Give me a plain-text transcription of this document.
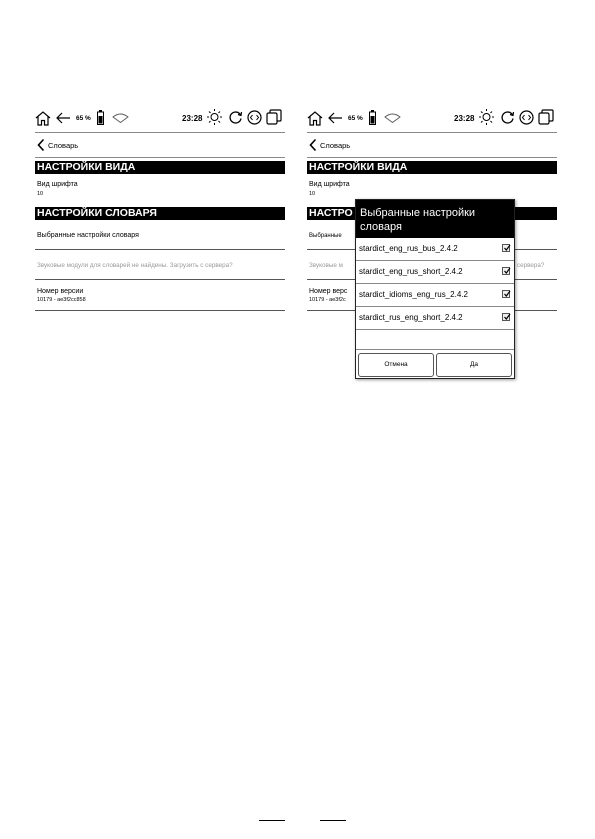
65 %	23:28
Словарь
НАСТРОЙКИ ВИДА
Вид шрифта
10
НАСТРОЙКИ СЛОВАРЯ
Выбранные настройки словаря
Звуковые модули для словарей не найдены. Загрузить с сервера?
Номер версии
10179 - ae3f2cc858
65 %	23:28
Словарь
НАСТРОЙКИ ВИДА
Вид шрифта
10
НАСТРО
Выбранные
Звуковые м	сервера?
Номер верс
10179 - ae3f2c
Выбранные настройки словаря
stardict_eng_rus_bus_2.4.2
stardict_eng_rus_short_2.4.2
stardict_idioms_eng_rus_2.4.2
stardict_rus_eng_short_2.4.2
Отмена	Да
